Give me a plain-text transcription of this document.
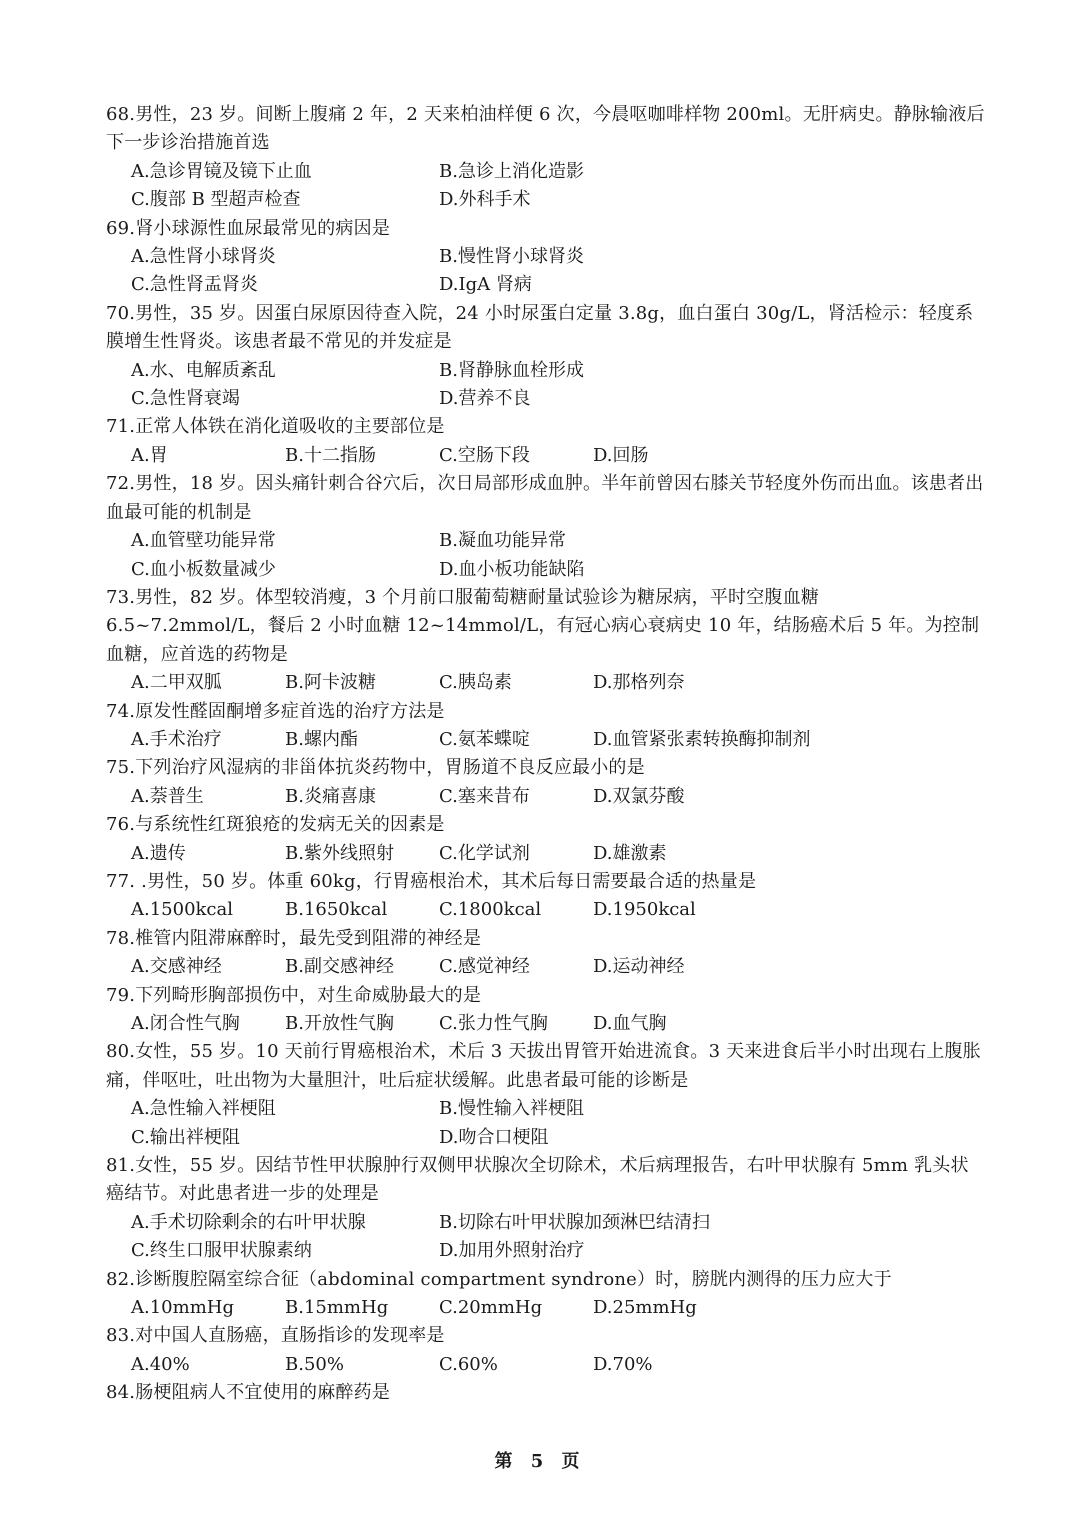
68.男性，23 岁。间断上腹痛 2 年，2 天来柏油样便 6 次，今晨呕咖啡样物 200ml。无肝病史。静脉输液后下一步诊治措施首选
A.急诊胃镜及镜下止血	B.急诊上消化造影
C.腹部 B 型超声检查	D.外科手术
69.肾小球源性血尿最常见的病因是
A.急性肾小球肾炎	B.慢性肾小球肾炎
C.急性肾盂肾炎	D.IgA 肾病
70.男性，35 岁。因蛋白尿原因待查入院，24 小时尿蛋白定量 3.8g，血白蛋白 30g/L，肾活检示：轻度系膜增生性肾炎。该患者最不常见的并发症是
A.水、电解质紊乱	B.肾静脉血栓形成
C.急性肾衰竭	D.营养不良
71.正常人体铁在消化道吸收的主要部位是
A.胃	B.十二指肠	C.空肠下段	D.回肠
72.男性，18 岁。因头痛针刺合谷穴后，次日局部形成血肿。半年前曾因右膝关节轻度外伤而出血。该患者出血最可能的机制是
A.血管壁功能异常	B.凝血功能异常
C.血小板数量减少	D.血小板功能缺陷
73.男性，82 岁。体型较消瘦，3 个月前口服葡萄糖耐量试验诊为糖尿病，平时空腹血糖 6.5~7.2mmol/L，餐后 2 小时血糖 12~14mmol/L，有冠心病心衰病史 10 年，结肠癌术后 5 年。为控制血糖，应首选的药物是
A.二甲双胍	B.阿卡波糖	C.胰岛素	D.那格列奈
74.原发性醛固酮增多症首选的治疗方法是
A.手术治疗	B.螺内酯	C.氨苯蝶啶	D.血管紧张素转换酶抑制剂
75.下列治疗风湿病的非甾体抗炎药物中，胃肠道不良反应最小的是
A.萘普生	B.炎痛喜康	C.塞来昔布	D.双氯芬酸
76.与系统性红斑狼疮的发病无关的因素是
A.遗传	B.紫外线照射	C.化学试剂	D.雄激素
77. .男性，50 岁。体重 60kg，行胃癌根治术，其术后每日需要最合适的热量是
A.1500kcal	B.1650kcal	C.1800kcal	D.1950kcal
78.椎管内阻滞麻醉时，最先受到阻滞的神经是
A.交感神经	B.副交感神经	C.感觉神经	D.运动神经
79.下列畸形胸部损伤中，对生命威胁最大的是
A.闭合性气胸	B.开放性气胸	C.张力性气胸	D.血气胸
80.女性，55 岁。10 天前行胃癌根治术，术后 3 天拔出胃管开始进流食。3 天来进食后半小时出现右上腹胀痛，伴呕吐，吐出物为大量胆汁，吐后症状缓解。此患者最可能的诊断是
A.急性输入袢梗阻	B.慢性输入袢梗阻
C.输出袢梗阻	D.吻合口梗阻
81.女性，55 岁。因结节性甲状腺肿行双侧甲状腺次全切除术，术后病理报告，右叶甲状腺有 5mm 乳头状癌结节。对此患者进一步的处理是
A.手术切除剩余的右叶甲状腺	B.切除右叶甲状腺加颈淋巴结清扫
C.终生口服甲状腺素纳	D.加用外照射治疗
82.诊断腹腔隔室综合征（abdominal compartment syndrone）时，膀胱内测得的压力应大于
A.10mmHg	B.15mmHg	C.20mmHg	D.25mmHg
83.对中国人直肠癌，直肠指诊的发现率是
A.40%	B.50%	C.60%	D.70%
84.肠梗阻病人不宜使用的麻醉药是
第 5 页
